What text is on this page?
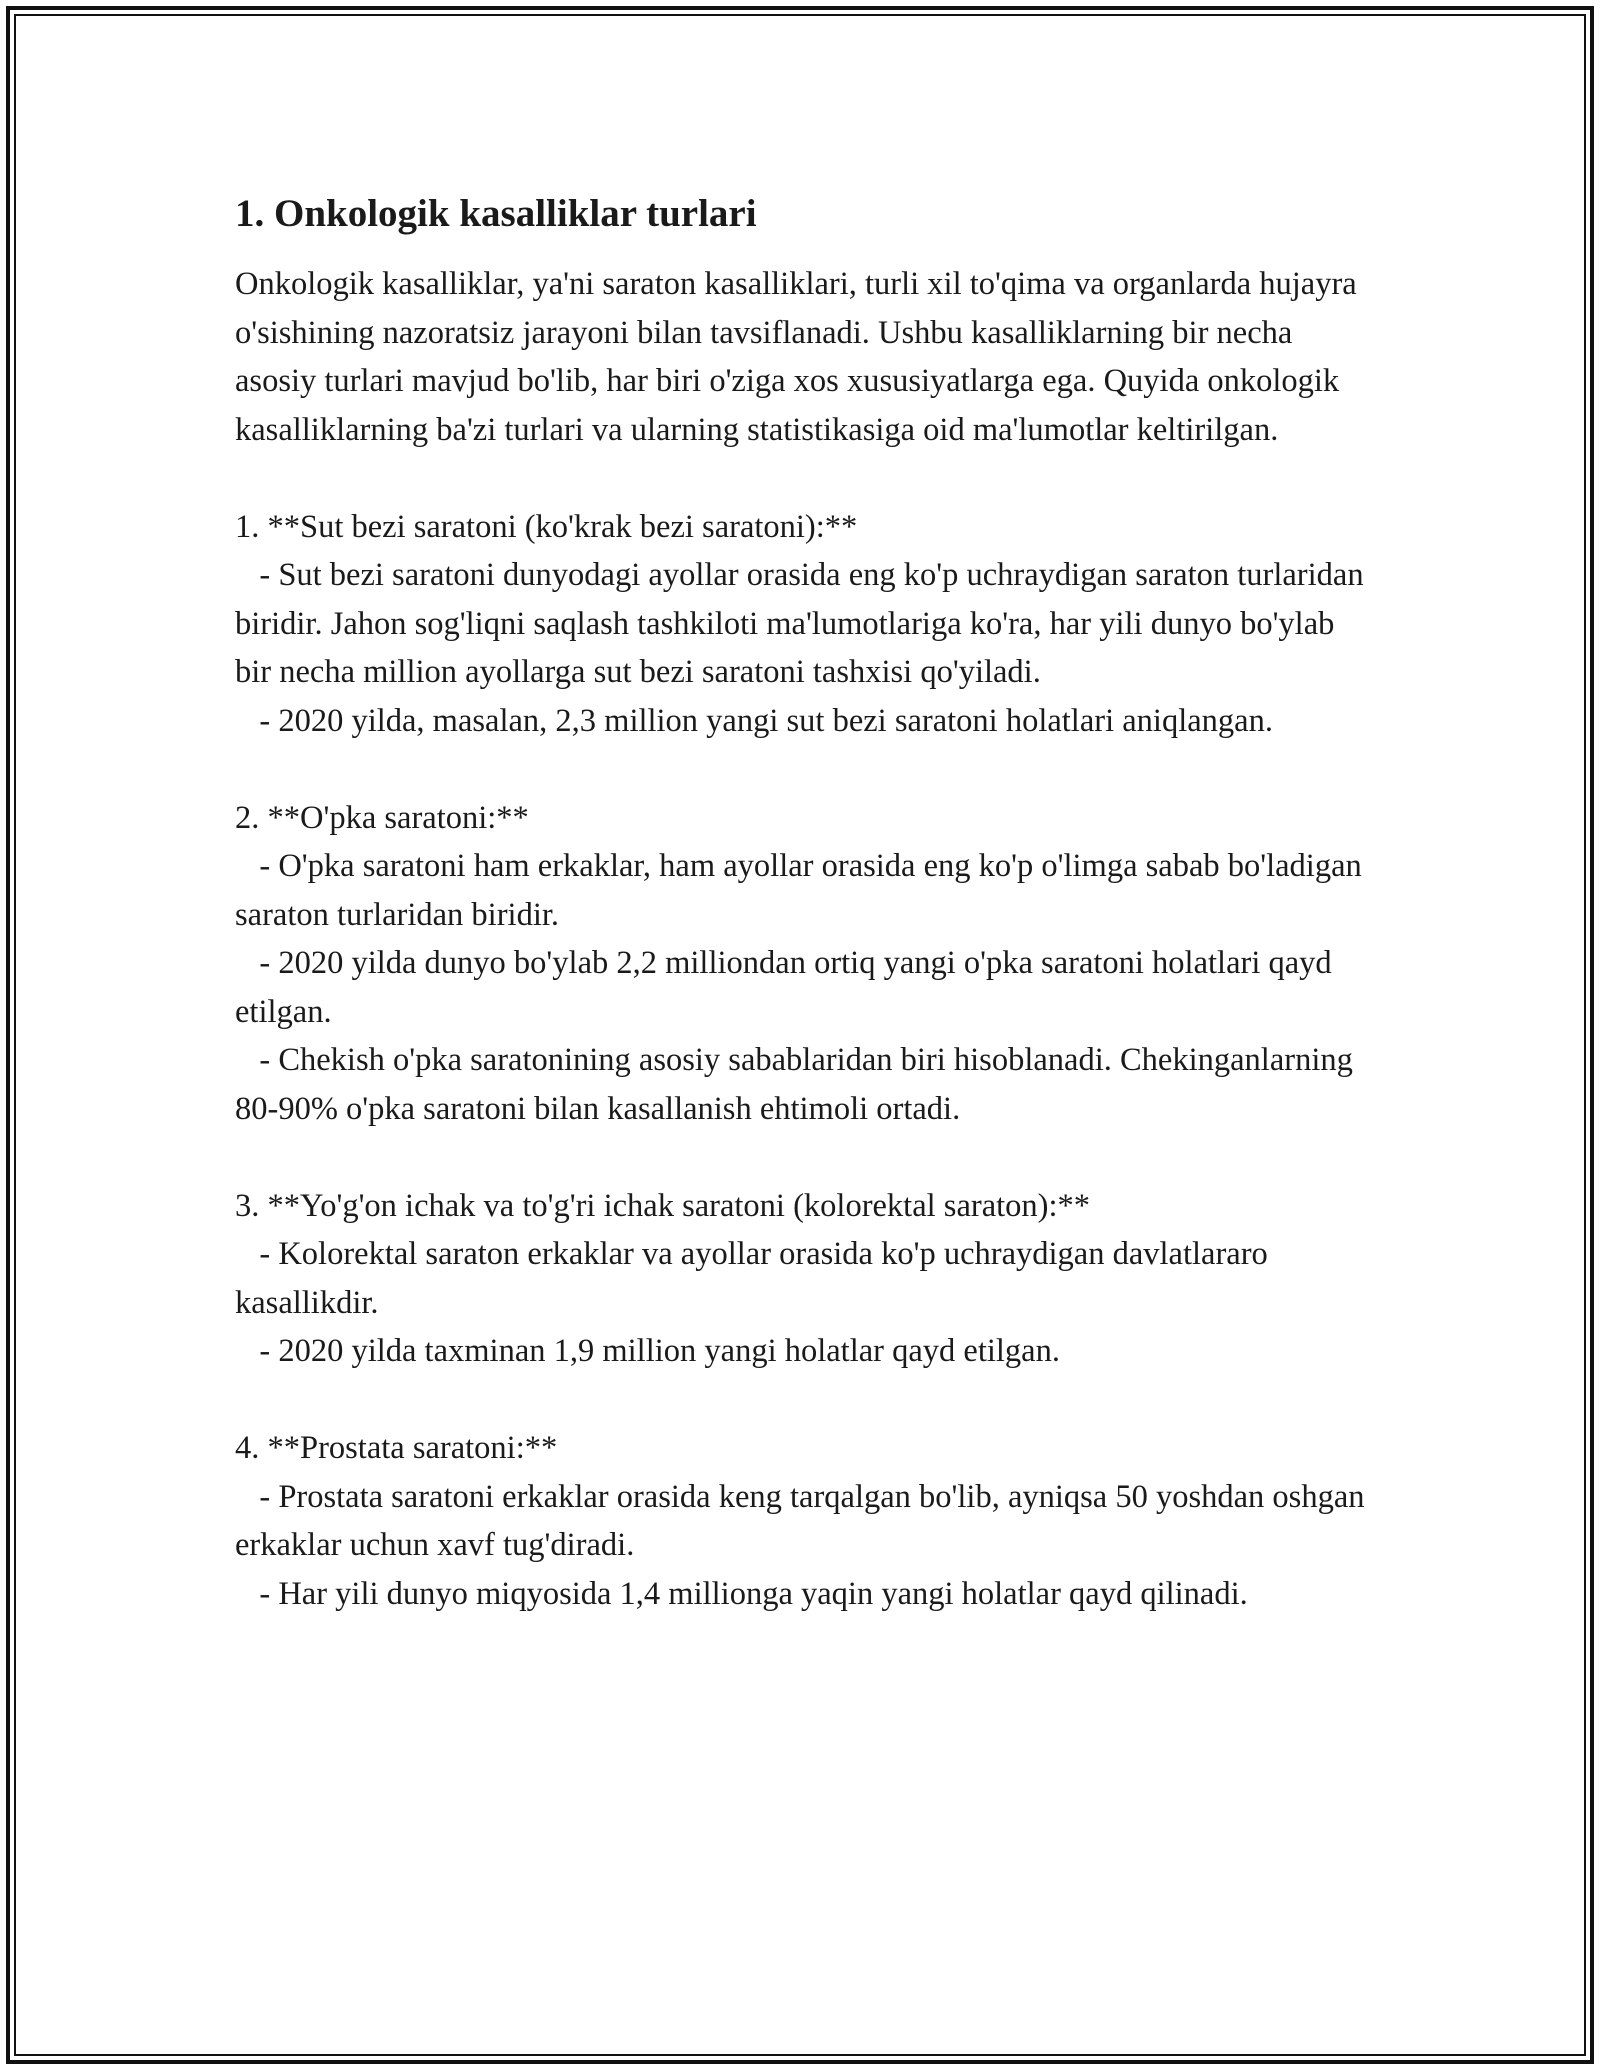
1. Onkologik kasalliklar turlari

Onkologik kasalliklar, ya'ni saraton kasalliklari, turli xil to'qima va organlarda hujayra o'sishining nazoratsiz jarayoni bilan tavsiflanadi. Ushbu kasalliklarning bir necha asosiy turlari mavjud bo'lib, har biri o'ziga xos xususiyatlarga ega. Quyida onkologik kasalliklarning ba'zi turlari va ularning statistikasiga oid ma'lumotlar keltirilgan.

1. **Sut bezi saratoni (ko'krak bezi saratoni):**

- Sut bezi saratoni dunyodagi ayollar orasida eng ko'p uchraydigan saraton turlaridan biridir. Jahon sog'liqni saqlash tashkiloti ma'lumotlariga ko'ra, har yili dunyo bo'ylab bir necha million ayollarga sut bezi saratoni tashxisi qo'yiladi.

- 2020 yilda, masalan, 2,3 million yangi sut bezi saratoni holatlari aniqlangan.

2. **O'pka saratoni:**

- O'pka saratoni ham erkaklar, ham ayollar orasida eng ko'p o'limga sabab bo'ladigan saraton turlaridan biridir.

- 2020 yilda dunyo bo'ylab 2,2 milliondan ortiq yangi o'pka saratoni holatlari qayd etilgan.

- Chekish o'pka saratonining asosiy sabablaridan biri hisoblanadi. Chekinganlarning 80-90% o'pka saratoni bilan kasallanish ehtimoli ortadi.

3. **Yo'g'on ichak va to'g'ri ichak saratoni (kolorektal saraton):**

- Kolorektal saraton erkaklar va ayollar orasida ko'p uchraydigan davlatlararo kasallikdir.

- 2020 yilda taxminan 1,9 million yangi holatlar qayd etilgan.

4. **Prostata saratoni:**

- Prostata saratoni erkaklar orasida keng tarqalgan bo'lib, ayniqsa 50 yoshdan oshgan erkaklar uchun xavf tug'diradi.

- Har yili dunyo miqyosida 1,4 millionga yaqin yangi holatlar qayd qilinadi.
